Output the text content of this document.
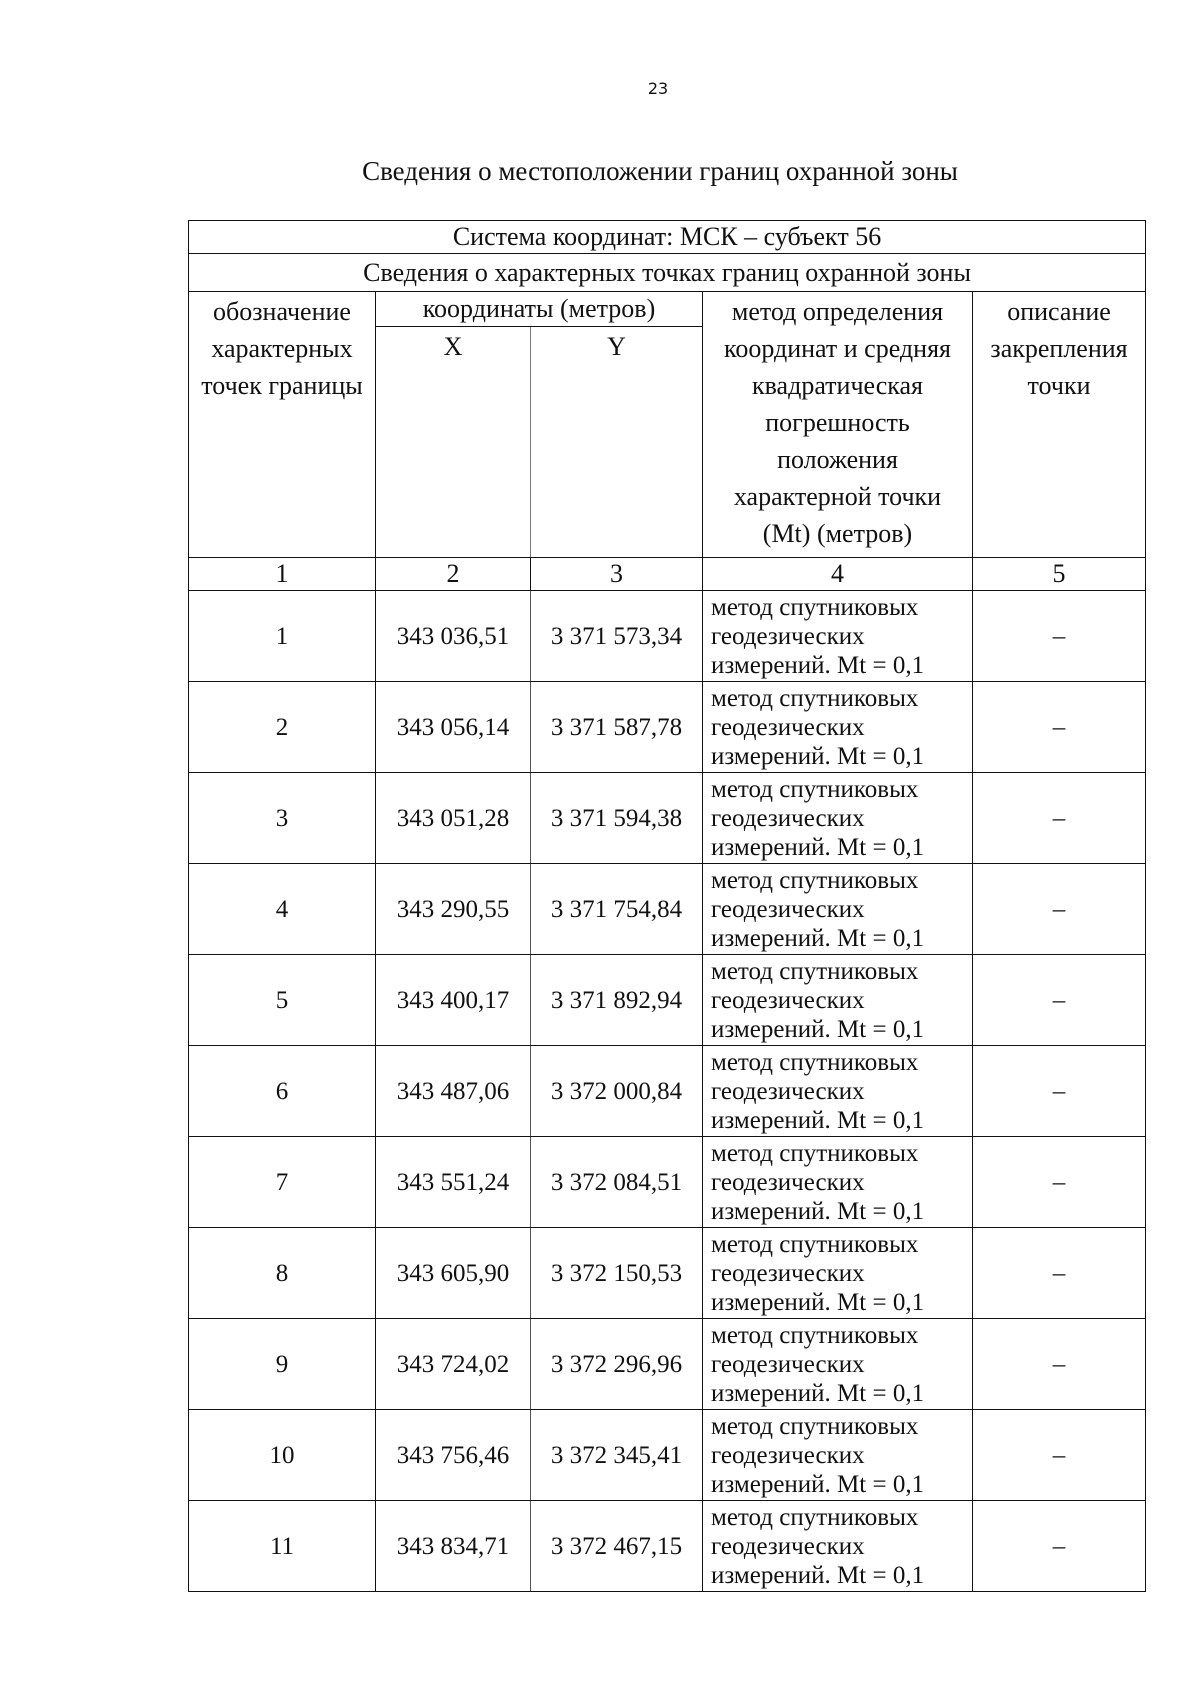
23
Сведения о местоположении границ охранной зоны
Система координат: МСК – субъект 56				
Сведения о характерных точках границ охранной зоны				
обозначение характерных точек границы	координаты (метров)		метод определения координат и средняя квадратическая погрешность положения характерной точки (Mt) (метров)	описание закрепления точки
	X	Y		
1	2	3	4	5
1	343 036,51	3 371 573,34	метод спутниковых геодезических измерений. Mt = 0,1	–
2	343 056,14	3 371 587,78	метод спутниковых геодезических измерений. Mt = 0,1	–
3	343 051,28	3 371 594,38	метод спутниковых геодезических измерений. Mt = 0,1	–
4	343 290,55	3 371 754,84	метод спутниковых геодезических измерений. Mt = 0,1	–
5	343 400,17	3 371 892,94	метод спутниковых геодезических измерений. Mt = 0,1	–
6	343 487,06	3 372 000,84	метод спутниковых геодезических измерений. Mt = 0,1	–
7	343 551,24	3 372 084,51	метод спутниковых геодезических измерений. Mt = 0,1	–
8	343 605,90	3 372 150,53	метод спутниковых геодезических измерений. Mt = 0,1	–
9	343 724,02	3 372 296,96	метод спутниковых геодезических измерений. Mt = 0,1	–
10	343 756,46	3 372 345,41	метод спутниковых геодезических измерений. Mt = 0,1	–
11	343 834,71	3 372 467,15	метод спутниковых геодезических измерений. Mt = 0,1	–
